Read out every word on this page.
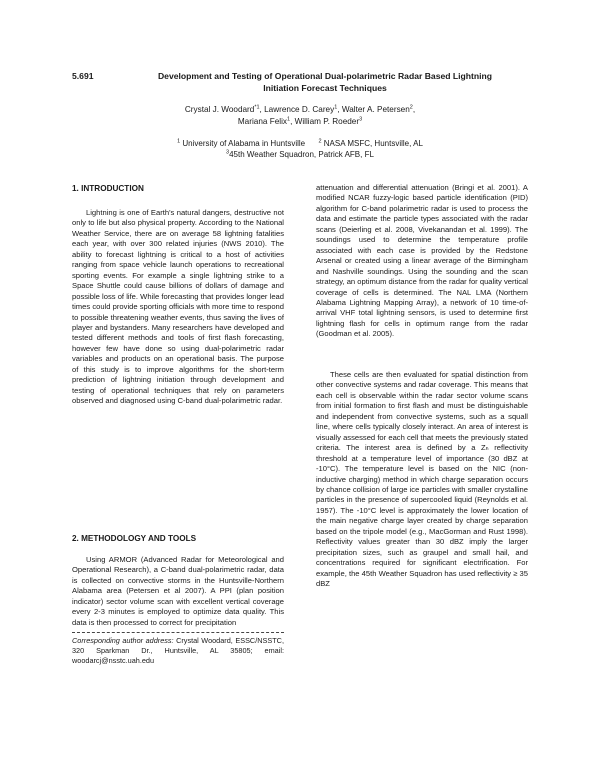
5.691	Development and Testing of Operational Dual-polarimetric Radar Based Lightning
Initiation Forecast Techniques
Crystal J. Woodard$^{*1}$, Lawrence D. Carey$^1$, Walter A. Petersen$^2$,
Mariana Felix$^1$, William P. Roeder$^3$
$^1$ University of Alabama in Huntsville $^2$ NASA MSFC, Huntsville, AL
$^3$45th Weather Squadron, Patrick AFB, FL
1. INTRODUCTION
Lightning is one of Earth's natural dangers, destructive not only to life but also physical property. According to the National Weather Service, there are on average 58 lightning fatalities each year, with over 300 related injuries (NWS 2010). The ability to forecast lightning is critical to a host of activities ranging from space vehicle launch operations to recreational sporting events. For example a single lightning strike to a Space Shuttle could cause billions of dollars of damage and possible loss of life. While forecasting that provides longer lead times could provide sporting officials with more time to respond to possible threatening weather events, thus saving the lives of player and bystanders. Many researchers have developed and tested different methods and tools of first flash forecasting, however few have done so using dual-polarimetric radar variables and products on an operational basis. The purpose of this study is to improve algorithms for the short-term prediction of lightning initiation through development and testing of operational techniques that rely on parameters observed and diagnosed using C-band dual-polarimetric radar.
2. METHODOLOGY AND TOOLS
Using ARMOR (Advanced Radar for Meteorological and Operational Research), a C-band dual-polarimetric radar, data is collected on convective storms in the Huntsville-Northern Alabama area (Petersen et al 2007). A PPI (plan position indicator) sector volume scan with excellent vertical coverage every 2-3 minutes is employed to optimize data quality. This data is then processed to correct for precipitation
Corresponding author address: Crystal Woodard, ESSC/NSSTC, 320 Sparkman Dr., Huntsville, AL 35805; email: woodarcj@nsstc.uah.edu
attenuation and differential attenuation (Bringi et al. 2001). A modified NCAR fuzzy-logic based particle identification (PID) algorithm for C-band polarimetric radar is used to process the data and estimate the particle types associated with the radar scans (Deierling et al. 2008, Vivekanandan et al. 1999). The soundings used to determine the temperature profile associated with each case is provided by the Redstone Arsenal or created using a linear average of the Birmingham and Nashville soundings. Using the sounding and the scan strategy, an optimum distance from the radar for quality vertical coverage of cells is determined. The NAL LMA (Northern Alabama Lightning Mapping Array), a network of 10 time-of-arrival VHF total lightning sensors, is used to determine first lightning flash for cells in optimum range from the radar (Goodman et al. 2005).
These cells are then evaluated for spatial distinction from other convective systems and radar coverage. This means that each cell is observable within the radar sector volume scans from initial formation to first flash and must be distinguishable and independent from convective systems, such as a squall line, where cells typically closely interact. An area of interest is visually assessed for each cell that meets the previously stated criteria. The interest area is defined by a Zₕ reflectivity threshold at a temperature level of importance (30 dBZ at -10°C). The temperature level is based on the NIC (non-inductive charging) method in which charge separation occurs by chance collision of large ice particles with smaller crystalline particles in the presence of supercooled liquid (Reynolds et al. 1957). The -10°C level is approximately the lower location of the main negative charge layer created by charge separation based on the tripole model (e.g., MacGorman and Rust 1998). Reflectivity values greater than 30 dBZ imply the larger precipitation sizes, such as graupel and small hail, and concentrations required for significant electrification. For example, the 45th Weather Squadron has used reflectivity ≥ 35 dBZ
